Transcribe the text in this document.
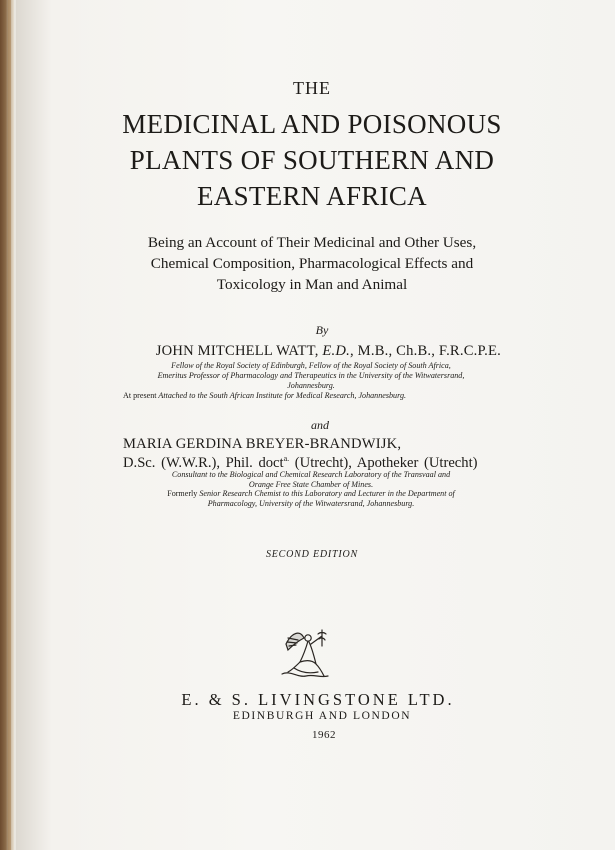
THE
MEDICINAL AND POISONOUS
PLANTS OF SOUTHERN AND
EASTERN AFRICA
Being an Account of Their Medicinal and Other Uses,
Chemical Composition, Pharmacological Effects and
Toxicology in Man and Animal
By
JOHN MITCHELL WATT, E.D., M.B., Ch.B., F.R.C.P.E.
Fellow of the Royal Society of Edinburgh, Fellow of the Royal Society of South Africa,
Emeritus Professor of Pharmacology and Therapeutics in the University of the Witwatersrand,
Johannesburg.
At present Attached to the South African Institute for Medical Research, Johannesburg.
and
MARIA GERDINA BREYER-BRANDWIJK,
D.Sc. (W.W.R.), Phil. doct$^{a.}$ (Utrecht), Apotheker (Utrecht)
Consultant to the Biological and Chemical Research Laboratory of the Transvaal and
Orange Free State Chamber of Mines.
Formerly Senior Research Chemist to this Laboratory and Lecturer in the Department of
Pharmacology, University of the Witwatersrand, Johannesburg.
SECOND EDITION
E. & S. LIVINGSTONE LTD.
EDINBURGH AND LONDON
1962
